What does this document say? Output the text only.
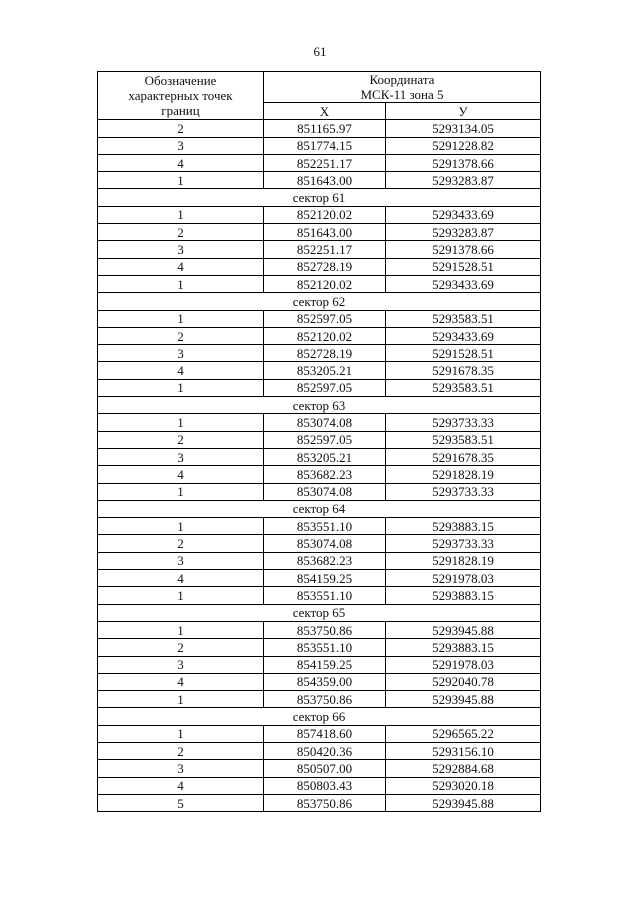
61
Обозначение
характерных точек
границ	Координата
МСК-11 зона 5	

	X	У
2	851165.97	5293134.05
3	851774.15	5291228.82
4	852251.17	5291378.66
1	851643.00	5293283.87
сектор 61		
1	852120.02	5293433.69
2	851643.00	5293283.87
3	852251.17	5291378.66
4	852728.19	5291528.51
1	852120.02	5293433.69
сектор 62		
1	852597.05	5293583.51
2	852120.02	5293433.69
3	852728.19	5291528.51
4	853205.21	5291678.35
1	852597.05	5293583.51
сектор 63		
1	853074.08	5293733.33
2	852597.05	5293583.51
3	853205.21	5291678.35
4	853682.23	5291828.19
1	853074.08	5293733.33
сектор 64		
1	853551.10	5293883.15
2	853074.08	5293733.33
3	853682.23	5291828.19
4	854159.25	5291978.03
1	853551.10	5293883.15
сектор 65		
1	853750.86	5293945.88
2	853551.10	5293883.15
3	854159.25	5291978.03
4	854359.00	5292040.78
1	853750.86	5293945.88
сектор 66		
1	857418.60	5296565.22
2	850420.36	5293156.10
3	850507.00	5292884.68
4	850803.43	5293020.18
5	853750.86	5293945.88
